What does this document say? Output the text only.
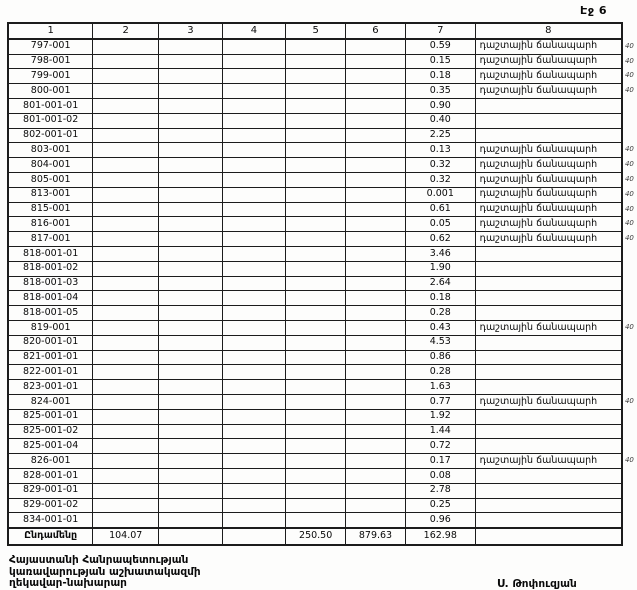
Էջ 6
1	2	3	4	5	6	7	8	
797-001						0.59	դաշտային ճանապարհ	40
798-001						0.15	դաշտային ճանապարհ	40
799-001						0.18	դաշտային ճանապարհ	40
800-001						0.35	դաշտային ճանապարհ	40
801-001-01						0.90		
801-001-02						0.40		
802-001-01						2.25		
803-001						0.13	դաշտային ճանապարհ	40
804-001						0.32	դաշտային ճանապարհ	40
805-001						0.32	դաշտային ճանապարհ	40
813-001						0.001	դաշտային ճանապարհ	40
815-001						0.61	դաշտային ճանապարհ	40
816-001						0.05	դաշտային ճանապարհ	40
817-001						0.62	դաշտային ճանապարհ	40
818-001-01						3.46		
818-001-02						1.90		
818-001-03						2.64		
818-001-04						0.18		
818-001-05						0.28		
819-001						0.43	դաշտային ճանապարհ	40
820-001-01						4.53		
821-001-01						0.86		
822-001-01						0.28		
823-001-01						1.63		
824-001						0.77	դաշտային ճանապարհ	40
825-001-01						1.92		
825-001-02						1.44		
825-001-04						0.72		
826-001						0.17	դաշտային ճանապարհ	40
828-001-01						0.08		
829-001-01						2.78		
829-001-02						0.25		
834-001-01						0.96		
Ընդամենը	104.07			250.50	879.63	162.98		
Հայաստանի Հանրապետության
կառավարության աշխատակազմի
ղեկավար-նախարար	Ս. Թոփուզյան
